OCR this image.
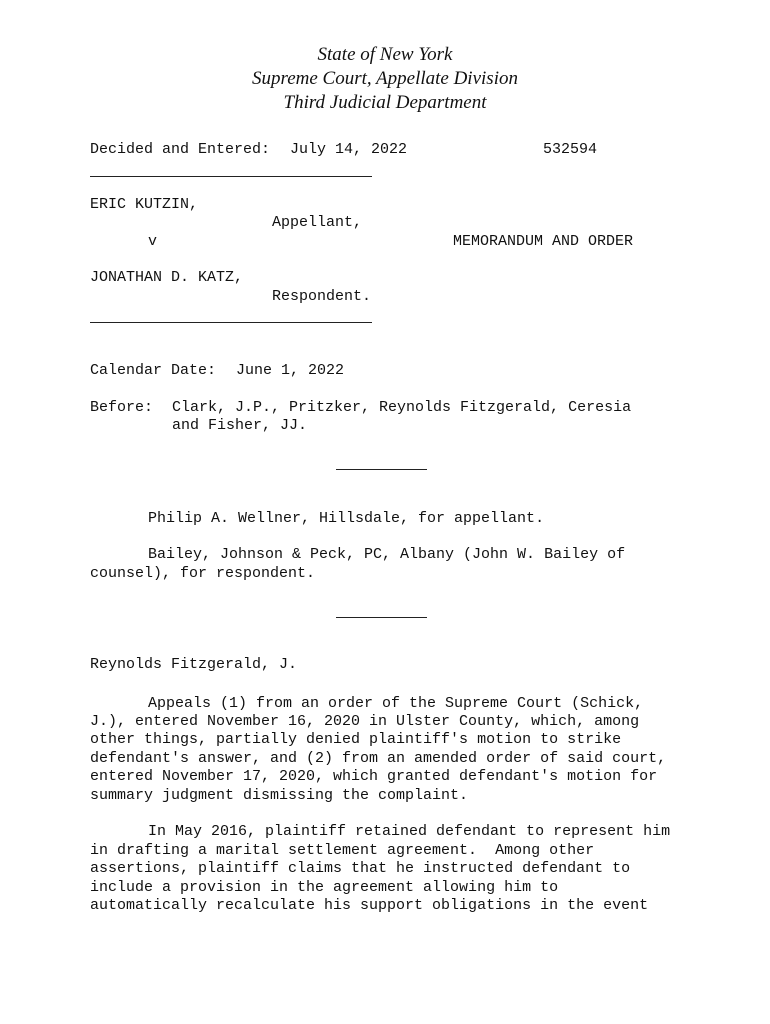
State of New York
Supreme Court, Appellate Division
Third Judicial Department
Decided and Entered: July 14, 2022	532594
ERIC KUTZIN,
Appellant,
v	MEMORANDUM AND ORDER
JONATHAN D. KATZ,
Respondent.
Calendar Date: June 1, 2022
Before: Clark, J.P., Pritzker, Reynolds Fitzgerald, Ceresia
and Fisher, JJ.
Philip A. Wellner, Hillsdale, for appellant.
Bailey, Johnson & Peck, PC, Albany (John W. Bailey of
counsel), for respondent.
Reynolds Fitzgerald, J.
Appeals (1) from an order of the Supreme Court (Schick,
J.), entered November 16, 2020 in Ulster County, which, among
other things, partially denied plaintiff's motion to strike
defendant's answer, and (2) from an amended order of said court,
entered November 17, 2020, which granted defendant's motion for
summary judgment dismissing the complaint.
In May 2016, plaintiff retained defendant to represent him
in drafting a marital settlement agreement.  Among other
assertions, plaintiff claims that he instructed defendant to
include a provision in the agreement allowing him to
automatically recalculate his support obligations in the event
